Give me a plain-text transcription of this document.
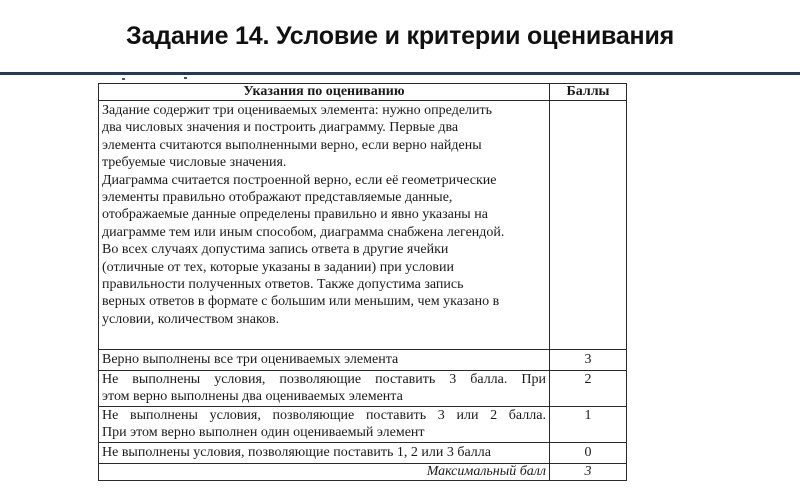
Задание 14. Условие и критерии оценивания
Указания по оцениванию	Баллы

Задание содержит три оцениваемых элемента: нужно определить
два числовых значения и построить диаграмму. Первые два
элемента считаются выполненными верно, если верно найдены
требуемые числовые значения.
Диаграмма считается построенной верно, если её геометрические
элементы правильно отображают представляемые данные,
отображаемые данные определены правильно и явно указаны на
диаграмме тем или иным способом, диаграмма снабжена легендой.
Во всех случаях допустима запись ответа в другие ячейки
(отличные от тех, которые указаны в задании) при условии
правильности полученных ответов. Также допустима запись
верных ответов в формате с большим или меньшим, чем указано в
условии, количеством знаков.

Верно выполнены все три оцениваемых элемента	3

Не выполнены условия, позволяющие поставить 3 балла. При
этом верно выполнены два оцениваемых элемента	2

Не выполнены условия, позволяющие поставить 3 или 2 балла.
При этом верно выполнен один оцениваемый элемент	1
Не выполнены условия, позволяющие поставить 1, 2 или 3 балла	0
Максимальный балл	3
